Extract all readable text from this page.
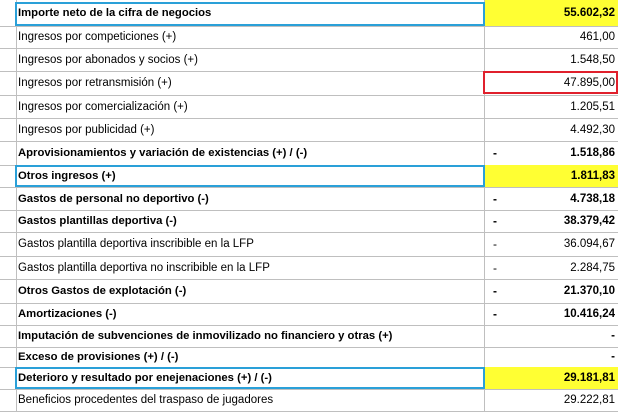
Importe neto de la cifra de negocios	55.602,32
Ingresos por competiciones (+)	461,00
Ingresos por abonados y socios (+)	1.548,50
Ingresos por retransmisión (+)	47.895,00
Ingresos por comercialización (+)	1.205,51
Ingresos por publicidad (+)	4.492,30
Aprovisionamientos y variación de existencias (+) / (-)	-	1.518,86
Otros ingresos (+)	1.811,83
Gastos de personal no deportivo (-)	-	4.738,18
Gastos plantillas deportiva (-)	-	38.379,42
Gastos plantilla deportiva inscribible en la LFP	-	36.094,67
Gastos plantilla deportiva no inscribible en la LFP	-	2.284,75
Otros Gastos de explotación (-)	-	21.370,10
Amortizaciones (-)	-	10.416,24
Imputación de subvenciones de inmovilizado no financiero y otras (+)	-
Exceso de provisiones (+) / (-)	-
Deterioro y resultado por enejenaciones (+) / (-)	29.181,81
Beneficios procedentes del traspaso de jugadores	29.222,81
